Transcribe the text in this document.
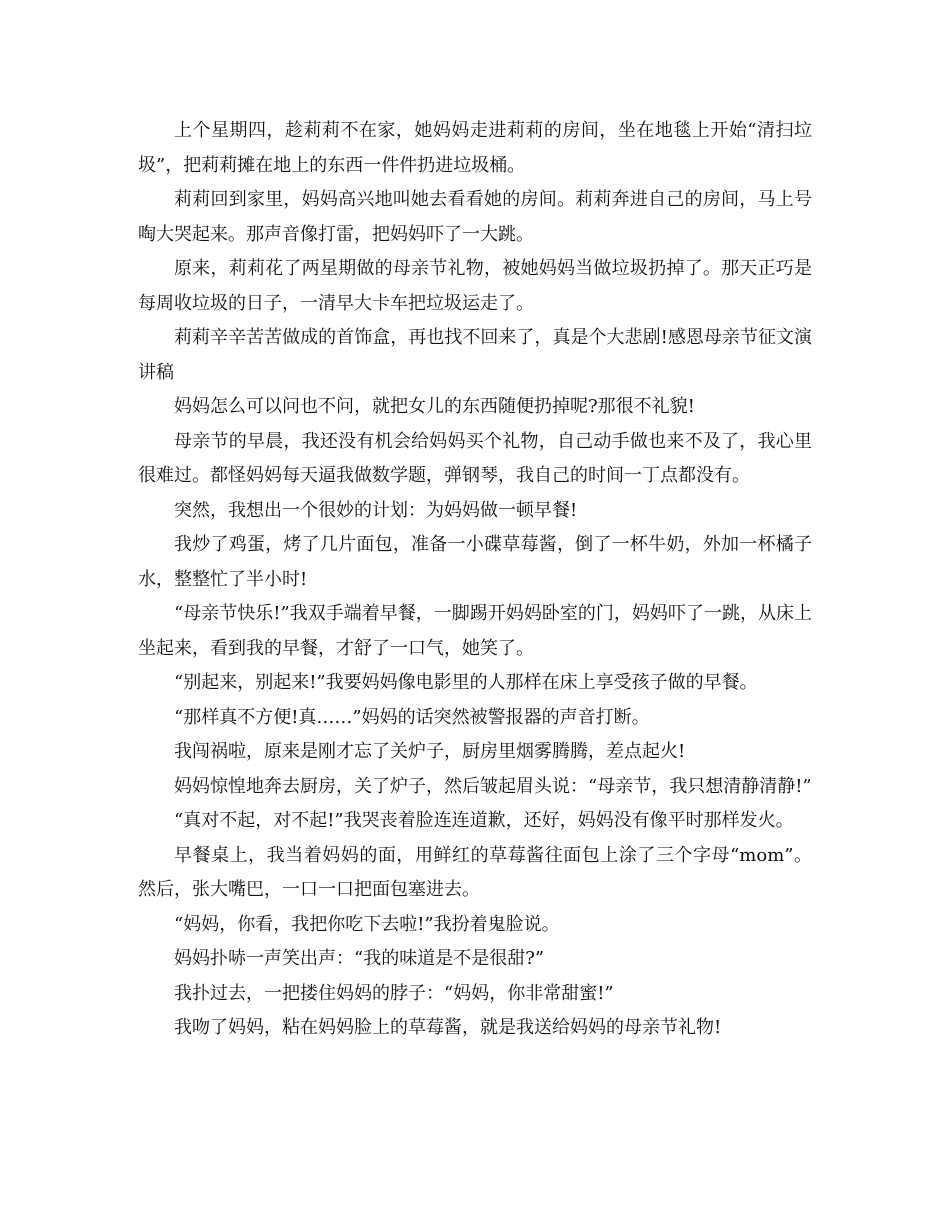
上个星期四，趁莉莉不在家，她妈妈走进莉莉的房间，坐在地毯上开始“清扫垃圾”，把莉莉摊在地上的东西一件件扔进垃圾桶。

莉莉回到家里，妈妈高兴地叫她去看看她的房间。莉莉奔进自己的房间，马上号啕大哭起来。那声音像打雷，把妈妈吓了一大跳。

原来，莉莉花了两星期做的母亲节礼物，被她妈妈当做垃圾扔掉了。那天正巧是每周收垃圾的日子，一清早大卡车把垃圾运走了。

莉莉辛辛苦苦做成的首饰盒，再也找不回来了，真是个大悲剧!感恩母亲节征文演讲稿

妈妈怎么可以问也不问，就把女儿的东西随便扔掉呢?那很不礼貌!

母亲节的早晨，我还没有机会给妈妈买个礼物，自己动手做也来不及了，我心里很难过。都怪妈妈每天逼我做数学题，弹钢琴，我自己的时间一丁点都没有。

突然，我想出一个很妙的计划：为妈妈做一顿早餐!

我炒了鸡蛋，烤了几片面包，准备一小碟草莓酱，倒了一杯牛奶，外加一杯橘子水，整整忙了半小时!

“母亲节快乐!”我双手端着早餐，一脚踢开妈妈卧室的门，妈妈吓了一跳，从床上坐起来，看到我的早餐，才舒了一口气，她笑了。

“别起来，别起来!”我要妈妈像电影里的人那样在床上享受孩子做的早餐。

“那样真不方便!真……”妈妈的话突然被警报器的声音打断。

我闯祸啦，原来是刚才忘了关炉子，厨房里烟雾腾腾，差点起火!

妈妈惊惶地奔去厨房，关了炉子，然后皱起眉头说：“母亲节，我只想清静清静!”

“真对不起，对不起!”我哭丧着脸连连道歉，还好，妈妈没有像平时那样发火。

早餐桌上，我当着妈妈的面，用鲜红的草莓酱往面包上涂了三个字母“mom”。然后，张大嘴巴，一口一口把面包塞进去。

“妈妈，你看，我把你吃下去啦!”我扮着鬼脸说。

妈妈扑哧一声笑出声：“我的味道是不是很甜?”

我扑过去，一把搂住妈妈的脖子：“妈妈，你非常甜蜜!”

我吻了妈妈，粘在妈妈脸上的草莓酱，就是我送给妈妈的母亲节礼物!
